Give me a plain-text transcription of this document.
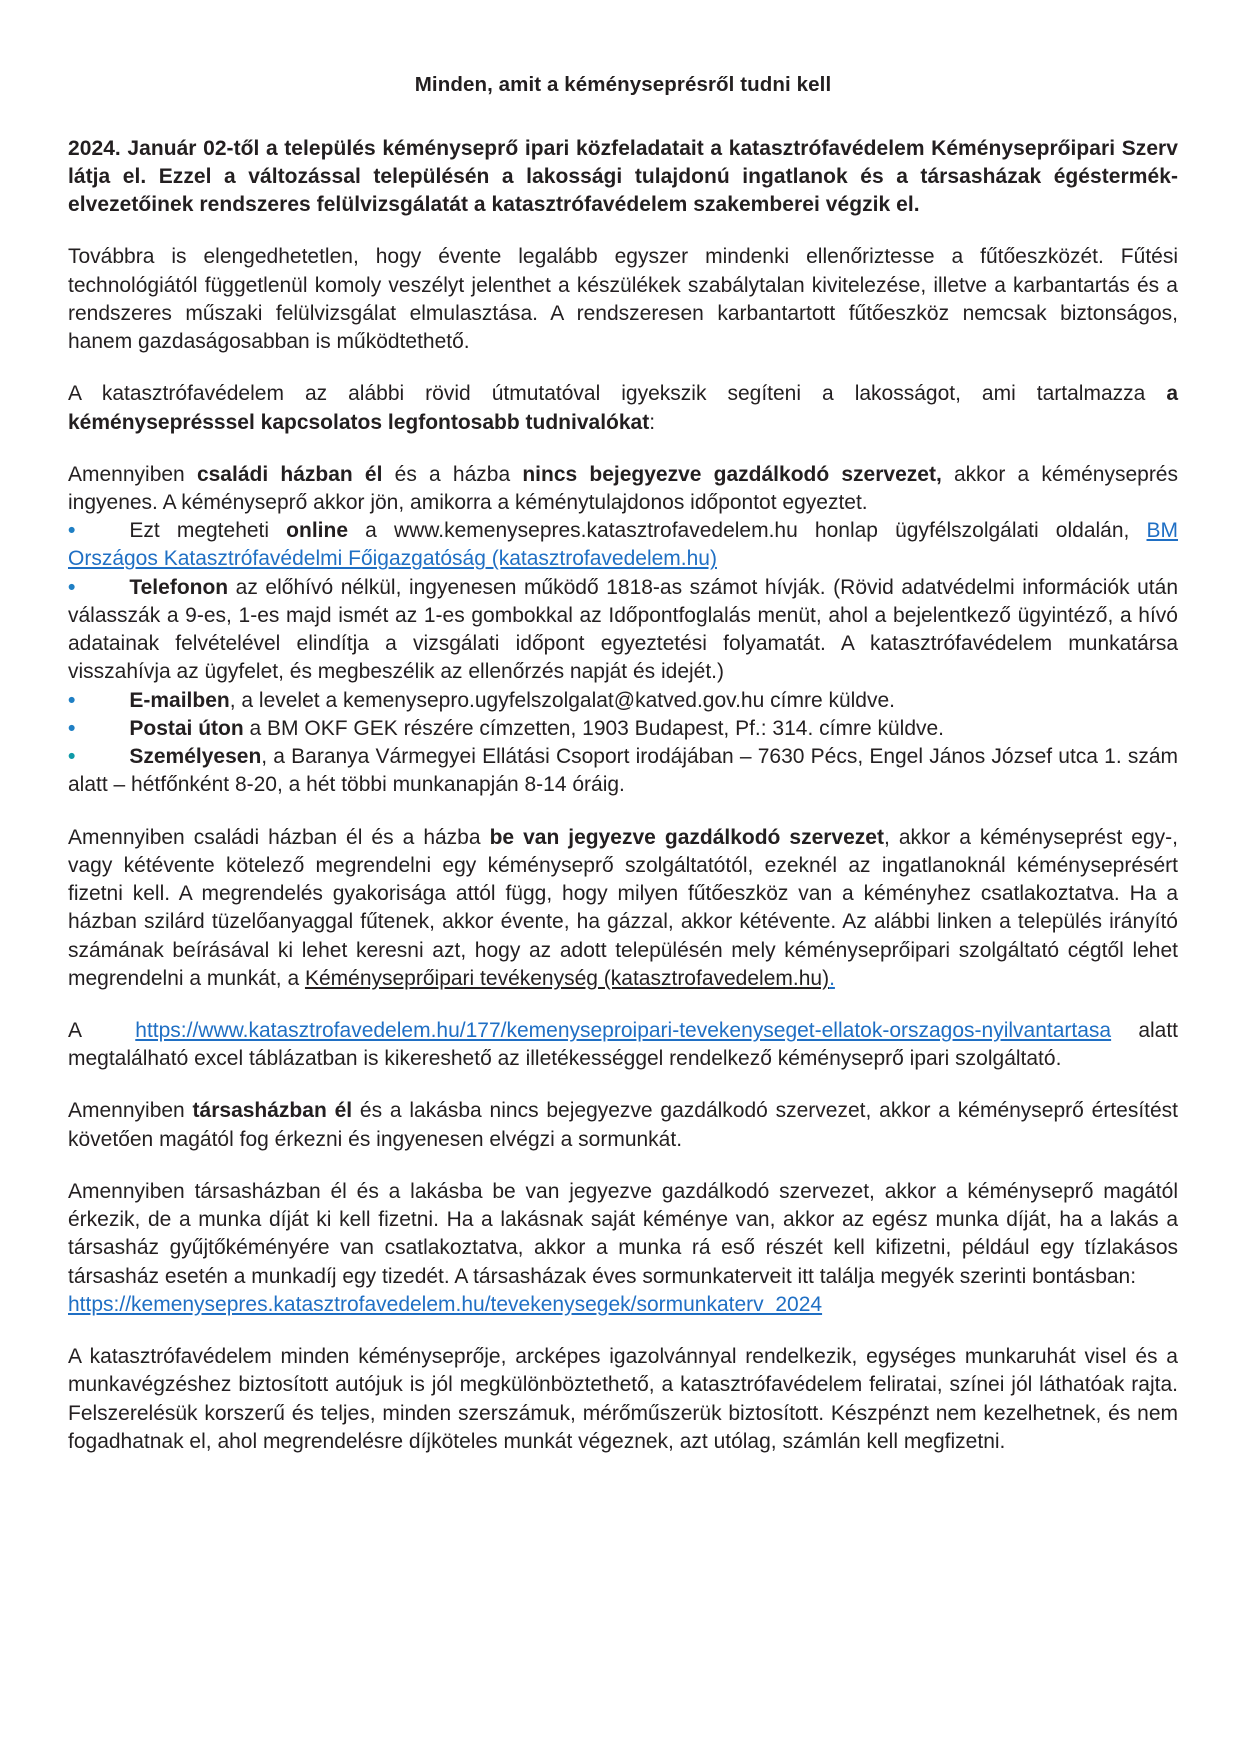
Minden, amit a kéményseprésről tudni kell

2024. Január 02-től a település kéményseprő ipari közfeladatait a katasztrófavédelem Kéményseprőipari Szerv látja el. Ezzel a változással településén a lakossági tulajdonú ingatlanok és a társasházak égéstermék-elvezetőinek rendszeres felülvizsgálatát a katasztrófavédelem szakemberei végzik el.

Továbbra is elengedhetetlen, hogy évente legalább egyszer mindenki ellenőriztesse a fűtőeszközét. Fűtési technológiától függetlenül komoly veszélyt jelenthet a készülékek szabálytalan kivitelezése, illetve a karbantartás és a rendszeres műszaki felülvizsgálat elmulasztása. A rendszeresen karbantartott fűtőeszköz nemcsak biztonságos, hanem gazdaságosabban is működtethető.

A katasztrófavédelem az alábbi rövid útmutatóval igyekszik segíteni a lakosságot, ami tartalmazza a kéményseprésssel kapcsolatos legfontosabb tudnivalókat:

Amennyiben családi házban él és a házba nincs bejegyezve gazdálkodó szervezet, akkor a kéményseprés ingyenes. A kéményseprő akkor jön, amikorra a kéménytulajdonos időpontot egyeztet.

•	Ezt megteheti online a www.kemenysepres.katasztrofavedelem.hu honlap ügyfélszolgálati oldalán, BM Országos Katasztrófavédelmi Főigazgatóság (katasztrofavedelem.hu)

•	Telefonon az előhívó nélkül, ingyenesen működő 1818-as számot hívják. (Rövid adatvédelmi információk után válasszák a 9-es, 1-es majd ismét az 1-es gombokkal az Időpontfoglalás menüt, ahol a bejelentkező ügyintéző, a hívó adatainak felvételével elindítja a vizsgálati időpont egyeztetési folyamatát. A katasztrófavédelem munkatársa visszahívja az ügyfelet, és megbeszélik az ellenőrzés napját és idejét.)

•	E-mailben, a levelet a kemenysepro.ugyfelszolgalat@katved.gov.hu címre küldve.

•	Postai úton a BM OKF GEK részére címzetten, 1903 Budapest, Pf.: 314. címre küldve.

•	Személyesen, a Baranya Vármegyei Ellátási Csoport irodájában – 7630 Pécs, Engel János József utca 1. szám alatt – hétfőnként 8-20, a hét többi munkanapján 8-14 óráig.

Amennyiben családi házban él és a házba be van jegyezve gazdálkodó szervezet, akkor a kéményseprést egy-, vagy kétévente kötelező megrendelni egy kéményseprő szolgáltatótól, ezeknél az ingatlanoknál kéményseprésért fizetni kell. A megrendelés gyakorisága attól függ, hogy milyen fűtőeszköz van a kéményhez csatlakoztatva. Ha a házban szilárd tüzelőanyaggal fűtenek, akkor évente, ha gázzal, akkor kétévente. Az alábbi linken a település irányító számának beírásával ki lehet keresni azt, hogy az adott településén mely kéményseprőipari szolgáltató cégtől lehet megrendelni a munkát, a Kéményseprőipari tevékenység (katasztrofavedelem.hu).

A  https://www.katasztrofavedelem.hu/177/kemenyseproipari-tevekenyseget-ellatok-orszagos-nyilvantartasa alatt megtalálható excel táblázatban is kikereshető az illetékességgel rendelkező kéményseprő ipari szolgáltató.

Amennyiben társasházban él és a lakásba nincs bejegyezve gazdálkodó szervezet, akkor a kéményseprő értesítést követően magától fog érkezni és ingyenesen elvégzi a sormunkát.

Amennyiben társasházban él és a lakásba be van jegyezve gazdálkodó szervezet, akkor a kéményseprő magától érkezik, de a munka díját ki kell fizetni. Ha a lakásnak saját kéménye van, akkor az egész munka díját, ha a lakás a társasház gyűjtőkéményére van csatlakoztatva, akkor a munka rá eső részét kell kifizetni, például egy tízlakásos társasház esetén a munkadíj egy tizedét. A társasházak éves sormunkaterveit itt találja megyék szerinti bontásban:
https://kemenysepres.katasztrofavedelem.hu/tevekenysegek/sormunkaterv_2024

A katasztrófavédelem minden kéményseprője, arcképes igazolvánnyal rendelkezik, egységes munkaruhát visel és a munkavégzéshez biztosított autójuk is jól megkülönböztethető, a katasztrófavédelem feliratai, színei jól láthatóak rajta. Felszerelésük korszerű és teljes, minden szerszámuk, mérőműszerük biztosított. Készpénzt nem kezelhetnek, és nem fogadhatnak el, ahol megrendelésre díjköteles munkát végeznek, azt utólag, számlán kell megfizetni.
